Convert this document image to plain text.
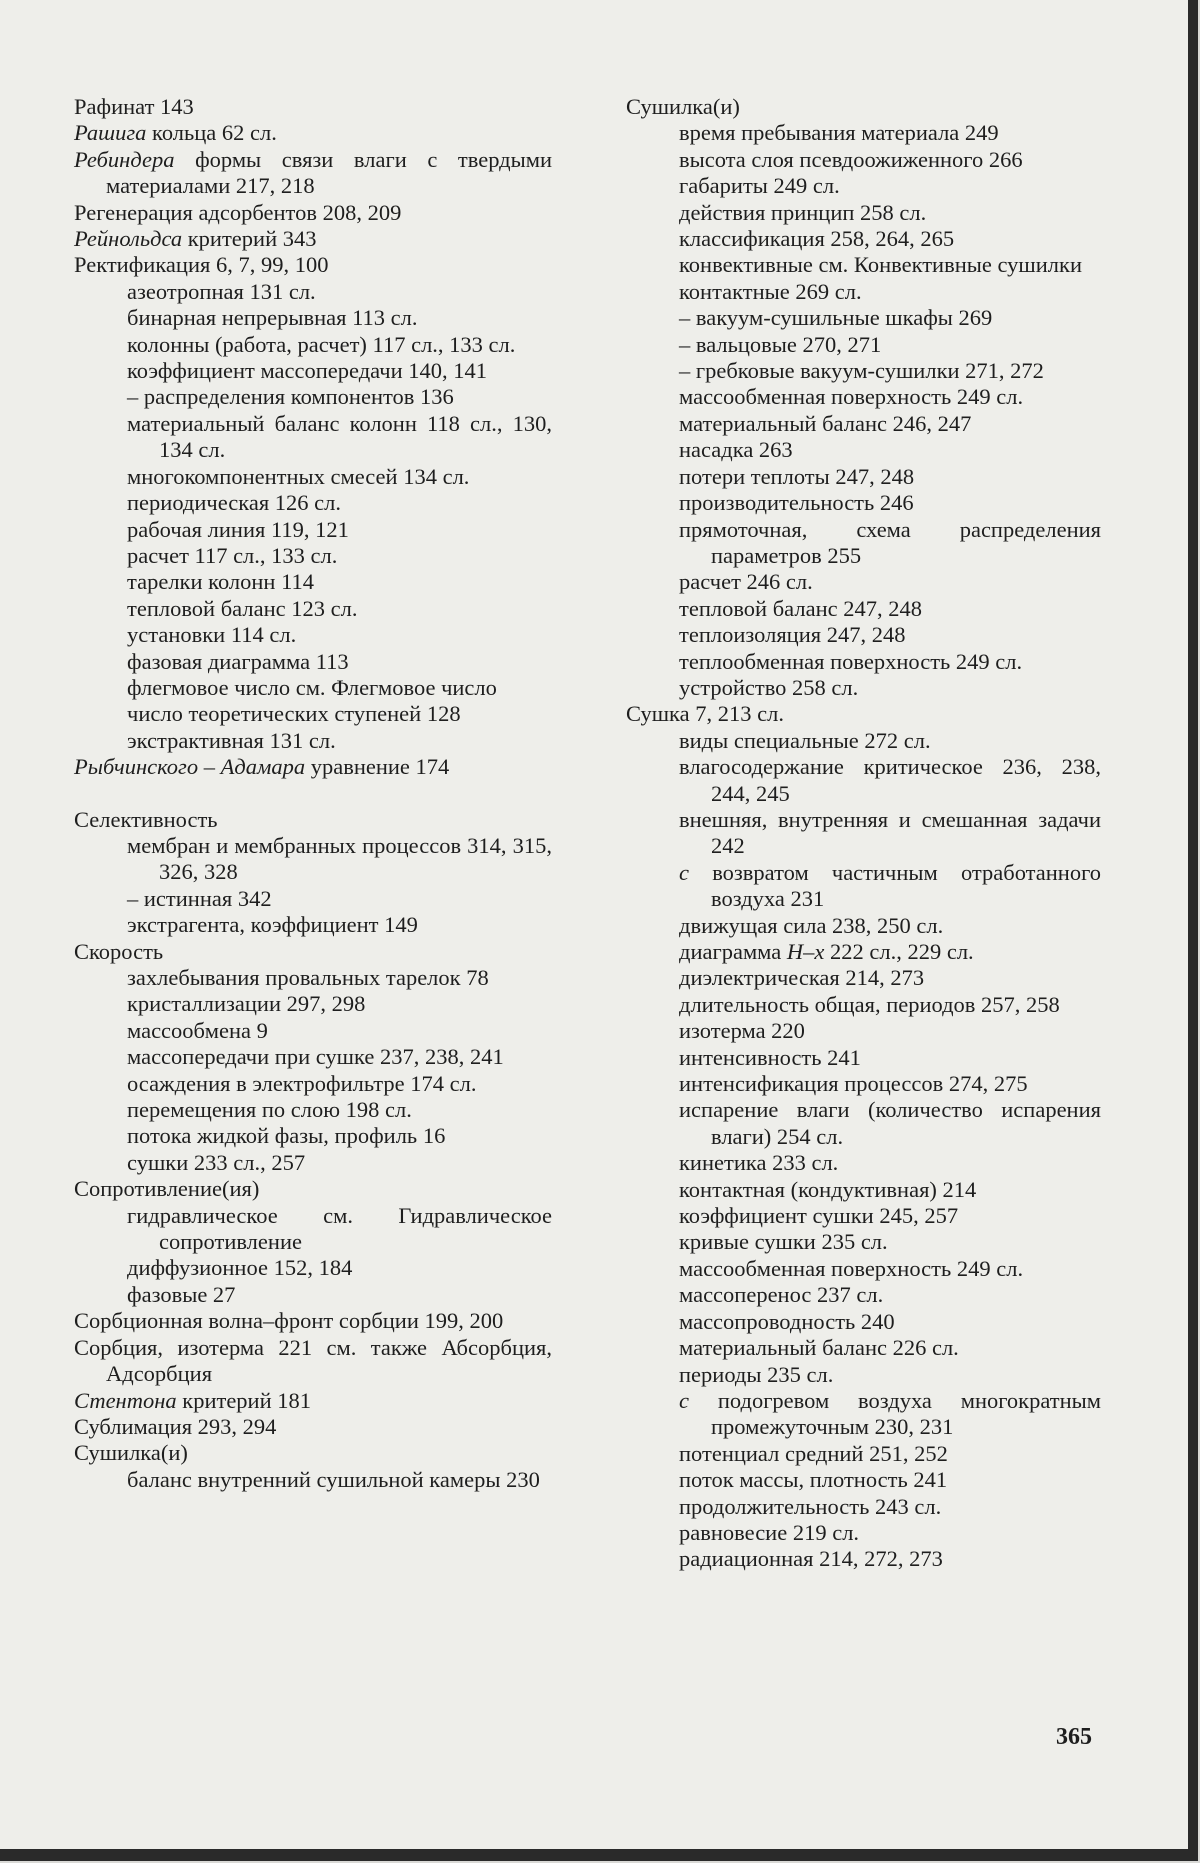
Рафинат 143

Рашига кольца 62 сл.

Ребиндера формы связи влаги с твердыми материалами 217, 218

Регенерация адсорбентов 208, 209

Рейнольдса критерий 343

Ректификация 6, 7, 99, 100

азеотропная 131 сл.

бинарная непрерывная 113 сл.

колонны (работа, расчет) 117 сл., 133 сл.

коэффициент массопередачи 140, 141

– распределения компонентов 136

материальный баланс колонн 118 сл., 130, 134 сл.

многокомпонентных смесей 134 сл.

периодическая 126 сл.

рабочая линия 119, 121

расчет 117 сл., 133 сл.

тарелки колонн 114

тепловой баланс 123 сл.

установки 114 сл.

фазовая диаграмма 113

флегмовое число см. Флегмовое число

число теоретических ступеней 128

экстрактивная 131 сл.

Рыбчинского – Адамара уравнение 174

Селективность

мембран и мембранных процессов 314, 315, 326, 328

– истинная 342

экстрагента, коэффициент 149

Скорость

захлебывания провальных тарелок 78

кристаллизации 297, 298

массообмена 9

массопередачи при сушке 237, 238, 241

осаждения в электрофильтре 174 сл.

перемещения по слою 198 сл.

потока жидкой фазы, профиль 16

сушки 233 сл., 257

Сопротивление(ия)

гидравлическое см. Гидравлическое сопротивление

диффузионное 152, 184

фазовые 27

Сорбционная волна–фронт сорбции 199, 200

Сорбция, изотерма 221 см. также Абсорбция, Адсорбция

Стентона критерий 181

Сублимация 293, 294

Сушилка(и)

баланс внутренний сушильной камеры 230

Сушилка(и)

время пребывания материала 249

высота слоя псевдоожиженного 266

габариты 249 сл.

действия принцип 258 сл.

классификация 258, 264, 265

конвективные см. Конвективные сушилки

контактные 269 сл.

– вакуум-сушильные шкафы 269

– вальцовые 270, 271

– гребковые вакуум-сушилки 271, 272

массообменная поверхность 249 сл.

материальный баланс 246, 247

насадка 263

потери теплоты 247, 248

производительность 246

прямоточная, схема распределения параметров 255

расчет 246 сл.

тепловой баланс 247, 248

теплоизоляция 247, 248

теплообменная поверхность 249 сл.

устройство 258 сл.

Сушка 7, 213 сл.

виды специальные 272 сл.

влагосодержание критическое 236, 238, 244, 245

внешняя, внутренняя и смешанная задачи 242

с возвратом частичным отработанного воздуха 231

движущая сила 238, 250 сл.

диаграмма H–x 222 сл., 229 сл.

диэлектрическая 214, 273

длительность общая, периодов 257, 258

изотерма 220

интенсивность 241

интенсификация процессов 274, 275

испарение влаги (количество испарения влаги) 254 сл.

кинетика 233 сл.

контактная (кондуктивная) 214

коэффициент сушки 245, 257

кривые сушки 235 сл.

массообменная поверхность 249 сл.

массоперенос 237 сл.

массопроводность 240

материальный баланс 226 сл.

периоды 235 сл.

с подогревом воздуха многократным промежуточным 230, 231

потенциал средний 251, 252

поток массы, плотность 241

продолжительность 243 сл.

равновесие 219 сл.

радиационная 214, 272, 273

365
